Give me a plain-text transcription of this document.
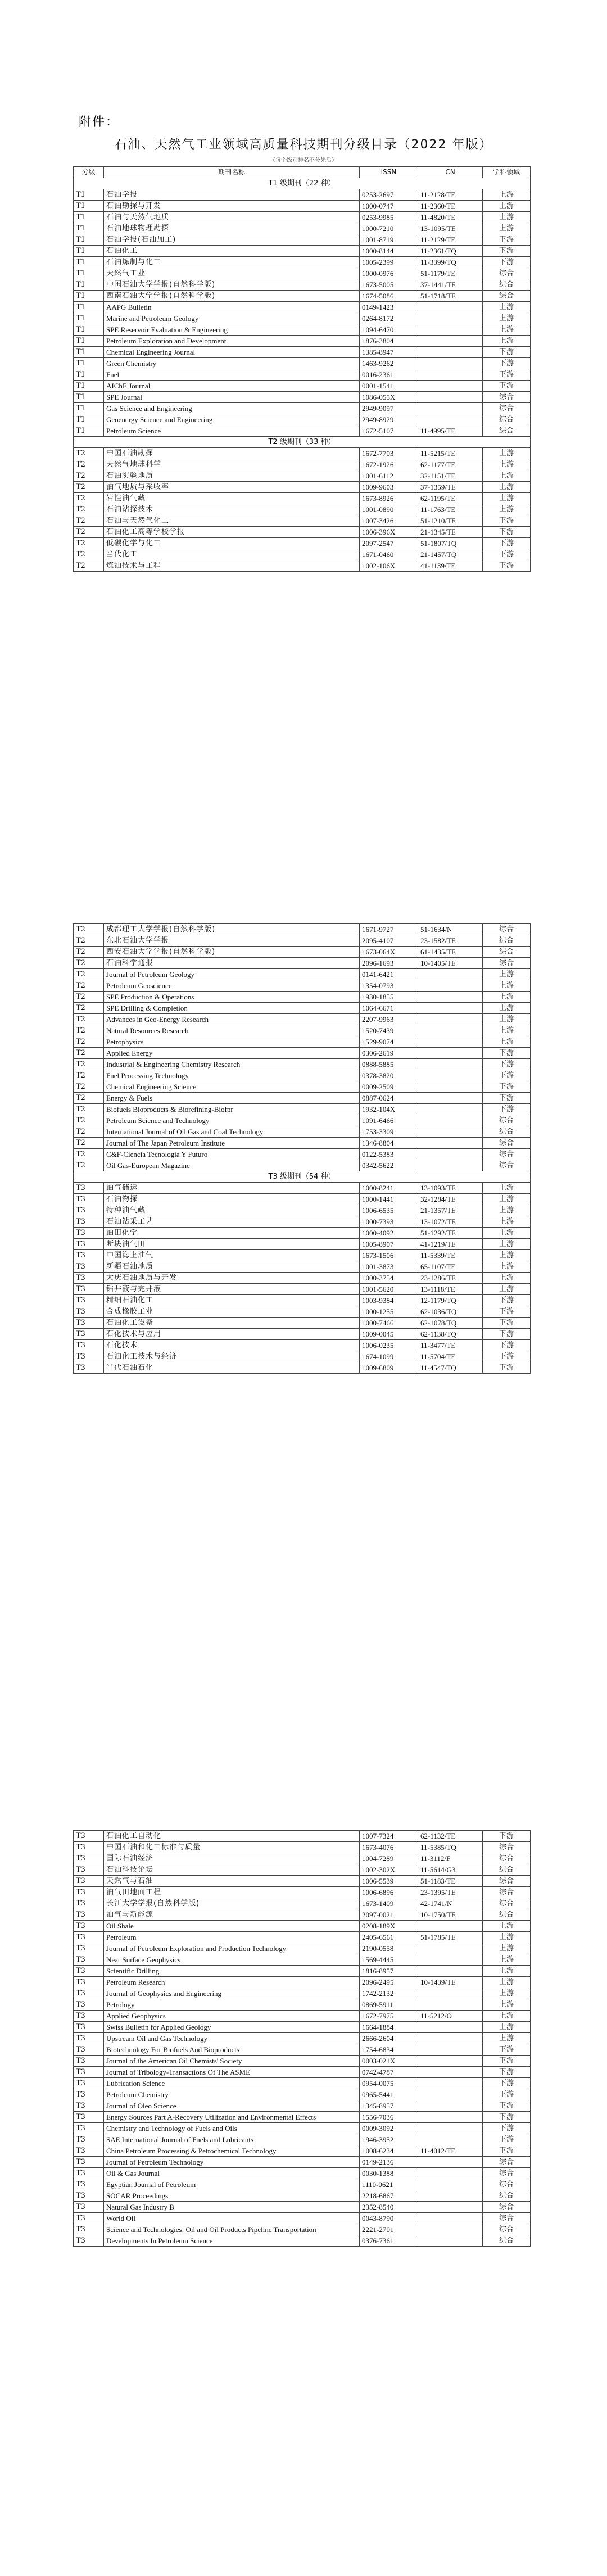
附件：
石油、天然气工业领域高质量科技期刊分级目录（2022 年版）
（每个级别排名不分先后）
分级	期刊名称	ISSN	CN	学科领域
T1 级期刊（22 种）				
T1	石油学报	0253-2697	11-2128/TE	上游
T1	石油勘探与开发	1000-0747	11-2360/TE	上游
T1	石油与天然气地质	0253-9985	11-4820/TE	上游
T1	石油地球物理勘探	1000-7210	13-1095/TE	上游
T1	石油学报(石油加工)	1001-8719	11-2129/TE	下游
T1	石油化工	1000-8144	11-2361/TQ	下游
T1	石油炼制与化工	1005-2399	11-3399/TQ	下游
T1	天然气工业	1000-0976	51-1179/TE	综合
T1	中国石油大学学报(自然科学版)	1673-5005	37-1441/TE	综合
T1	西南石油大学学报(自然科学版)	1674-5086	51-1718/TE	综合
T1	AAPG Bulletin	0149-1423		上游
T1	Marine and Petroleum Geology	0264-8172		上游
T1	SPE Reservoir Evaluation & Engineering	1094-6470		上游
T1	Petroleum Exploration and Development	1876-3804		上游
T1	Chemical Engineering Journal	1385-8947		下游
T1	Green Chemistry	1463-9262		下游
T1	Fuel	0016-2361		下游
T1	AIChE Journal	0001-1541		下游
T1	SPE Journal	1086-055X		综合
T1	Gas Science and Engineering	2949-9097		综合
T1	Geoenergy Science and Engineering	2949-8929		综合
T1	Petroleum Science	1672-5107	11-4995/TE	综合
T2 级期刊（33 种）				
T2	中国石油勘探	1672-7703	11-5215/TE	上游
T2	天然气地球科学	1672-1926	62-1177/TE	上游
T2	石油实验地质	1001-6112	32-1151/TE	上游
T2	油气地质与采收率	1009-9603	37-1359/TE	上游
T2	岩性油气藏	1673-8926	62-1195/TE	上游
T2	石油钻探技术	1001-0890	11-1763/TE	上游
T2	石油与天然气化工	1007-3426	51-1210/TE	下游
T2	石油化工高等学校学报	1006-396X	21-1345/TE	下游
T2	低碳化学与化工	2097-2547	51-1807/TQ	下游
T2	当代化工	1671-0460	21-1457/TQ	下游
T2	炼油技术与工程	1002-106X	41-1139/TE	下游
T2	成都理工大学学报(自然科学版)	1671-9727	51-1634/N	综合
T2	东北石油大学学报	2095-4107	23-1582/TE	综合
T2	西安石油大学学报(自然科学版)	1673-064X	61-1435/TE	综合
T2	石油科学通报	2096-1693	10-1405/TE	综合
T2	Journal of Petroleum Geology	0141-6421		上游
T2	Petroleum Geoscience	1354-0793		上游
T2	SPE Production & Operations	1930-1855		上游
T2	SPE Drilling & Completion	1064-6671		上游
T2	Advances in Geo-Energy Research	2207-9963		上游
T2	Natural Resources Research	1520-7439		上游
T2	Petrophysics	1529-9074		上游
T2	Applied Energy	0306-2619		下游
T2	Industrial & Engineering Chemistry Research	0888-5885		下游
T2	Fuel Processing Technology	0378-3820		下游
T2	Chemical Engineering Science	0009-2509		下游
T2	Energy & Fuels	0887-0624		下游
T2	Biofuels Bioproducts & Biorefining-Biofpr	1932-104X		下游
T2	Petroleum Science and Technology	1091-6466		综合
T2	International Journal of Oil Gas and Coal Technology	1753-3309		综合
T2	Journal of The Japan Petroleum Institute	1346-8804		综合
T2	C&F-Ciencia Tecnologia Y Futuro	0122-5383		综合
T2	Oil Gas-European Magazine	0342-5622		综合
T3 级期刊（54 种）				
T3	油气储运	1000-8241	13-1093/TE	上游
T3	石油物探	1000-1441	32-1284/TE	上游
T3	特种油气藏	1006-6535	21-1357/TE	上游
T3	石油钻采工艺	1000-7393	13-1072/TE	上游
T3	油田化学	1000-4092	51-1292/TE	上游
T3	断块油气田	1005-8907	41-1219/TE	上游
T3	中国海上油气	1673-1506	11-5339/TE	上游
T3	新疆石油地质	1001-3873	65-1107/TE	上游
T3	大庆石油地质与开发	1000-3754	23-1286/TE	上游
T3	钻井液与完井液	1001-5620	13-1118/TE	上游
T3	精细石油化工	1003-9384	12-1179/TQ	下游
T3	合成橡胶工业	1000-1255	62-1036/TQ	下游
T3	石油化工设备	1000-7466	62-1078/TQ	下游
T3	石化技术与应用	1009-0045	62-1138/TQ	下游
T3	石化技术	1006-0235	11-3477/TE	下游
T3	石油化工技术与经济	1674-1099	11-5704/TE	下游
T3	当代石油石化	1009-6809	11-4547/TQ	下游
T3	石油化工自动化	1007-7324	62-1132/TE	下游
T3	中国石油和化工标准与质量	1673-4076	11-5385/TQ	综合
T3	国际石油经济	1004-7289	11-3112/F	综合
T3	石油科技论坛	1002-302X	11-5614/G3	综合
T3	天然气与石油	1006-5539	51-1183/TE	综合
T3	油气田地面工程	1006-6896	23-1395/TE	综合
T3	长江大学学报(自然科学版)	1673-1409	42-1741/N	综合
T3	油气与新能源	2097-0021	10-1750/TE	综合
T3	Oil Shale	0208-189X		上游
T3	Petroleum	2405-6561	51-1785/TE	上游
T3	Journal of Petroleum Exploration and Production Technology	2190-0558		上游
T3	Near Surface Geophysics	1569-4445		上游
T3	Scientific Drilling	1816-8957		上游
T3	Petroleum Research	2096-2495	10-1439/TE	上游
T3	Journal of Geophysics and Engineering	1742-2132		上游
T3	Petrology	0869-5911		上游
T3	Applied Geophysics	1672-7975	11-5212/O	上游
T3	Swiss Bulletin for Applied Geology	1664-1884		上游
T3	Upstream Oil and Gas Technology	2666-2604		上游
T3	Biotechnology For Biofuels And Bioproducts	1754-6834		下游
T3	Journal of the American Oil Chemists' Society	0003-021X		下游
T3	Journal of Tribology-Transactions Of The ASME	0742-4787		下游
T3	Lubrication Science	0954-0075		下游
T3	Petroleum Chemistry	0965-5441		下游
T3	Journal of Oleo Science	1345-8957		下游
T3	Energy Sources Part A-Recovery Utilization and Environmental Effects	1556-7036		下游
T3	Chemistry and Technology of Fuels and Oils	0009-3092		下游
T3	SAE International Journal of Fuels and Lubricants	1946-3952		下游
T3	China Petroleum Processing & Petrochemical Technology	1008-6234	11-4012/TE	下游
T3	Journal of Petroleum Technology	0149-2136		综合
T3	Oil & Gas Journal	0030-1388		综合
T3	Egyptian Journal of Petroleum	1110-0621		综合
T3	SOCAR Proceedings	2218-6867		综合
T3	Natural Gas Industry B	2352-8540		综合
T3	World Oil	0043-8790		综合
T3	Science and Technologies: Oil and Oil Products Pipeline Transportation	2221-2701		综合
T3	Developments In Petroleum Science	0376-7361		综合
